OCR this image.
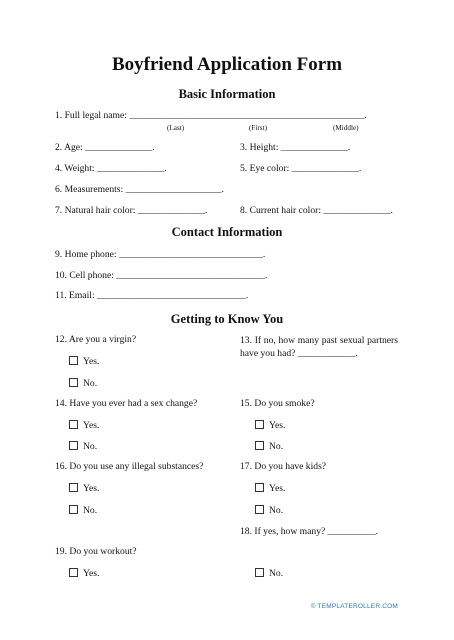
Boyfriend Application Form
Basic Information
1. Full legal name: _________________________________________________.
(Last)	(First)	(Middle)
2. Age: ______________.	3. Height: ______________.
4. Weight: ______________.	5. Eye color: ______________.
6. Measurements: ____________________.
7. Natural hair color: ______________.	8. Current hair color: ______________.
Contact Information
9. Home phone: ______________________________.
10. Cell phone: _______________________________.
11. Email: _______________________________.
Getting to Know You
12. Are you a virgin?
Yes.
No.
13. If no, how many past sexual partners have you had? ____________.
14. Have you ever had a sex change?
Yes.
No.
15. Do you smoke?
Yes.
No.
16. Do you use any illegal substances?
Yes.
No.
17. Do you have kids?
Yes.
No.
18. If yes, how many? __________.
19. Do you workout?
Yes.	No.
© TEMPLATEROLLER.COM
